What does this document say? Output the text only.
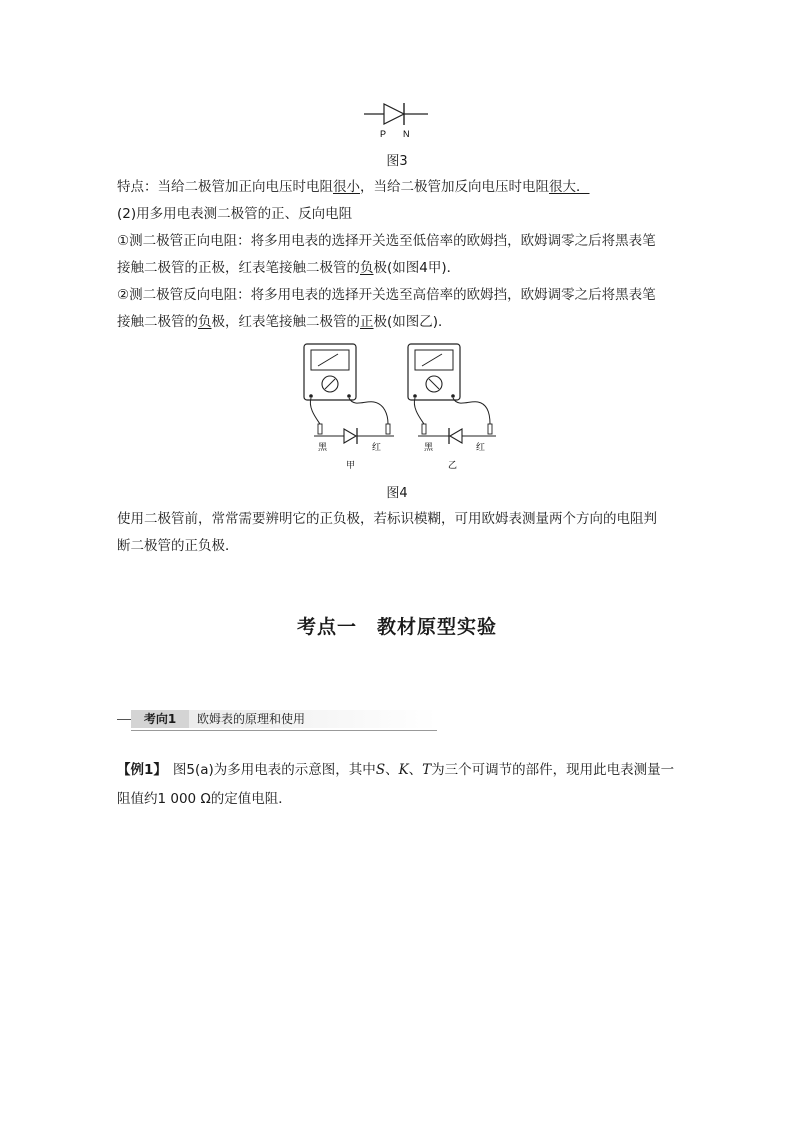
P N
图3
特点：当给二极管加正向电压时电阻很小，当给二极管加反向电压时电阻很大．
(2)用多用电表测二极管的正、反向电阻
①测二极管正向电阻：将多用电表的选择开关选至低倍率的欧姆挡，欧姆调零之后将黑表笔
接触二极管的正极，红表笔接触二极管的负极(如图4甲)．
②测二极管反向电阻：将多用电表的选择开关选至高倍率的欧姆挡，欧姆调零之后将黑表笔
接触二极管的负极，红表笔接触二极管的正极(如图乙)．
黑	红
甲
黑	红
乙
图4
使用二极管前，常常需要辨明它的正负极，若标识模糊，可用欧姆表测量两个方向的电阻判
断二极管的正负极．
考点一　教材原型实验
考向1	欧姆表的原理和使用
【例1】 图5(a)为多用电表的示意图，其中S、K、T为三个可调节的部件，现用此电表测量一
阻值约1 000 Ω的定值电阻．
